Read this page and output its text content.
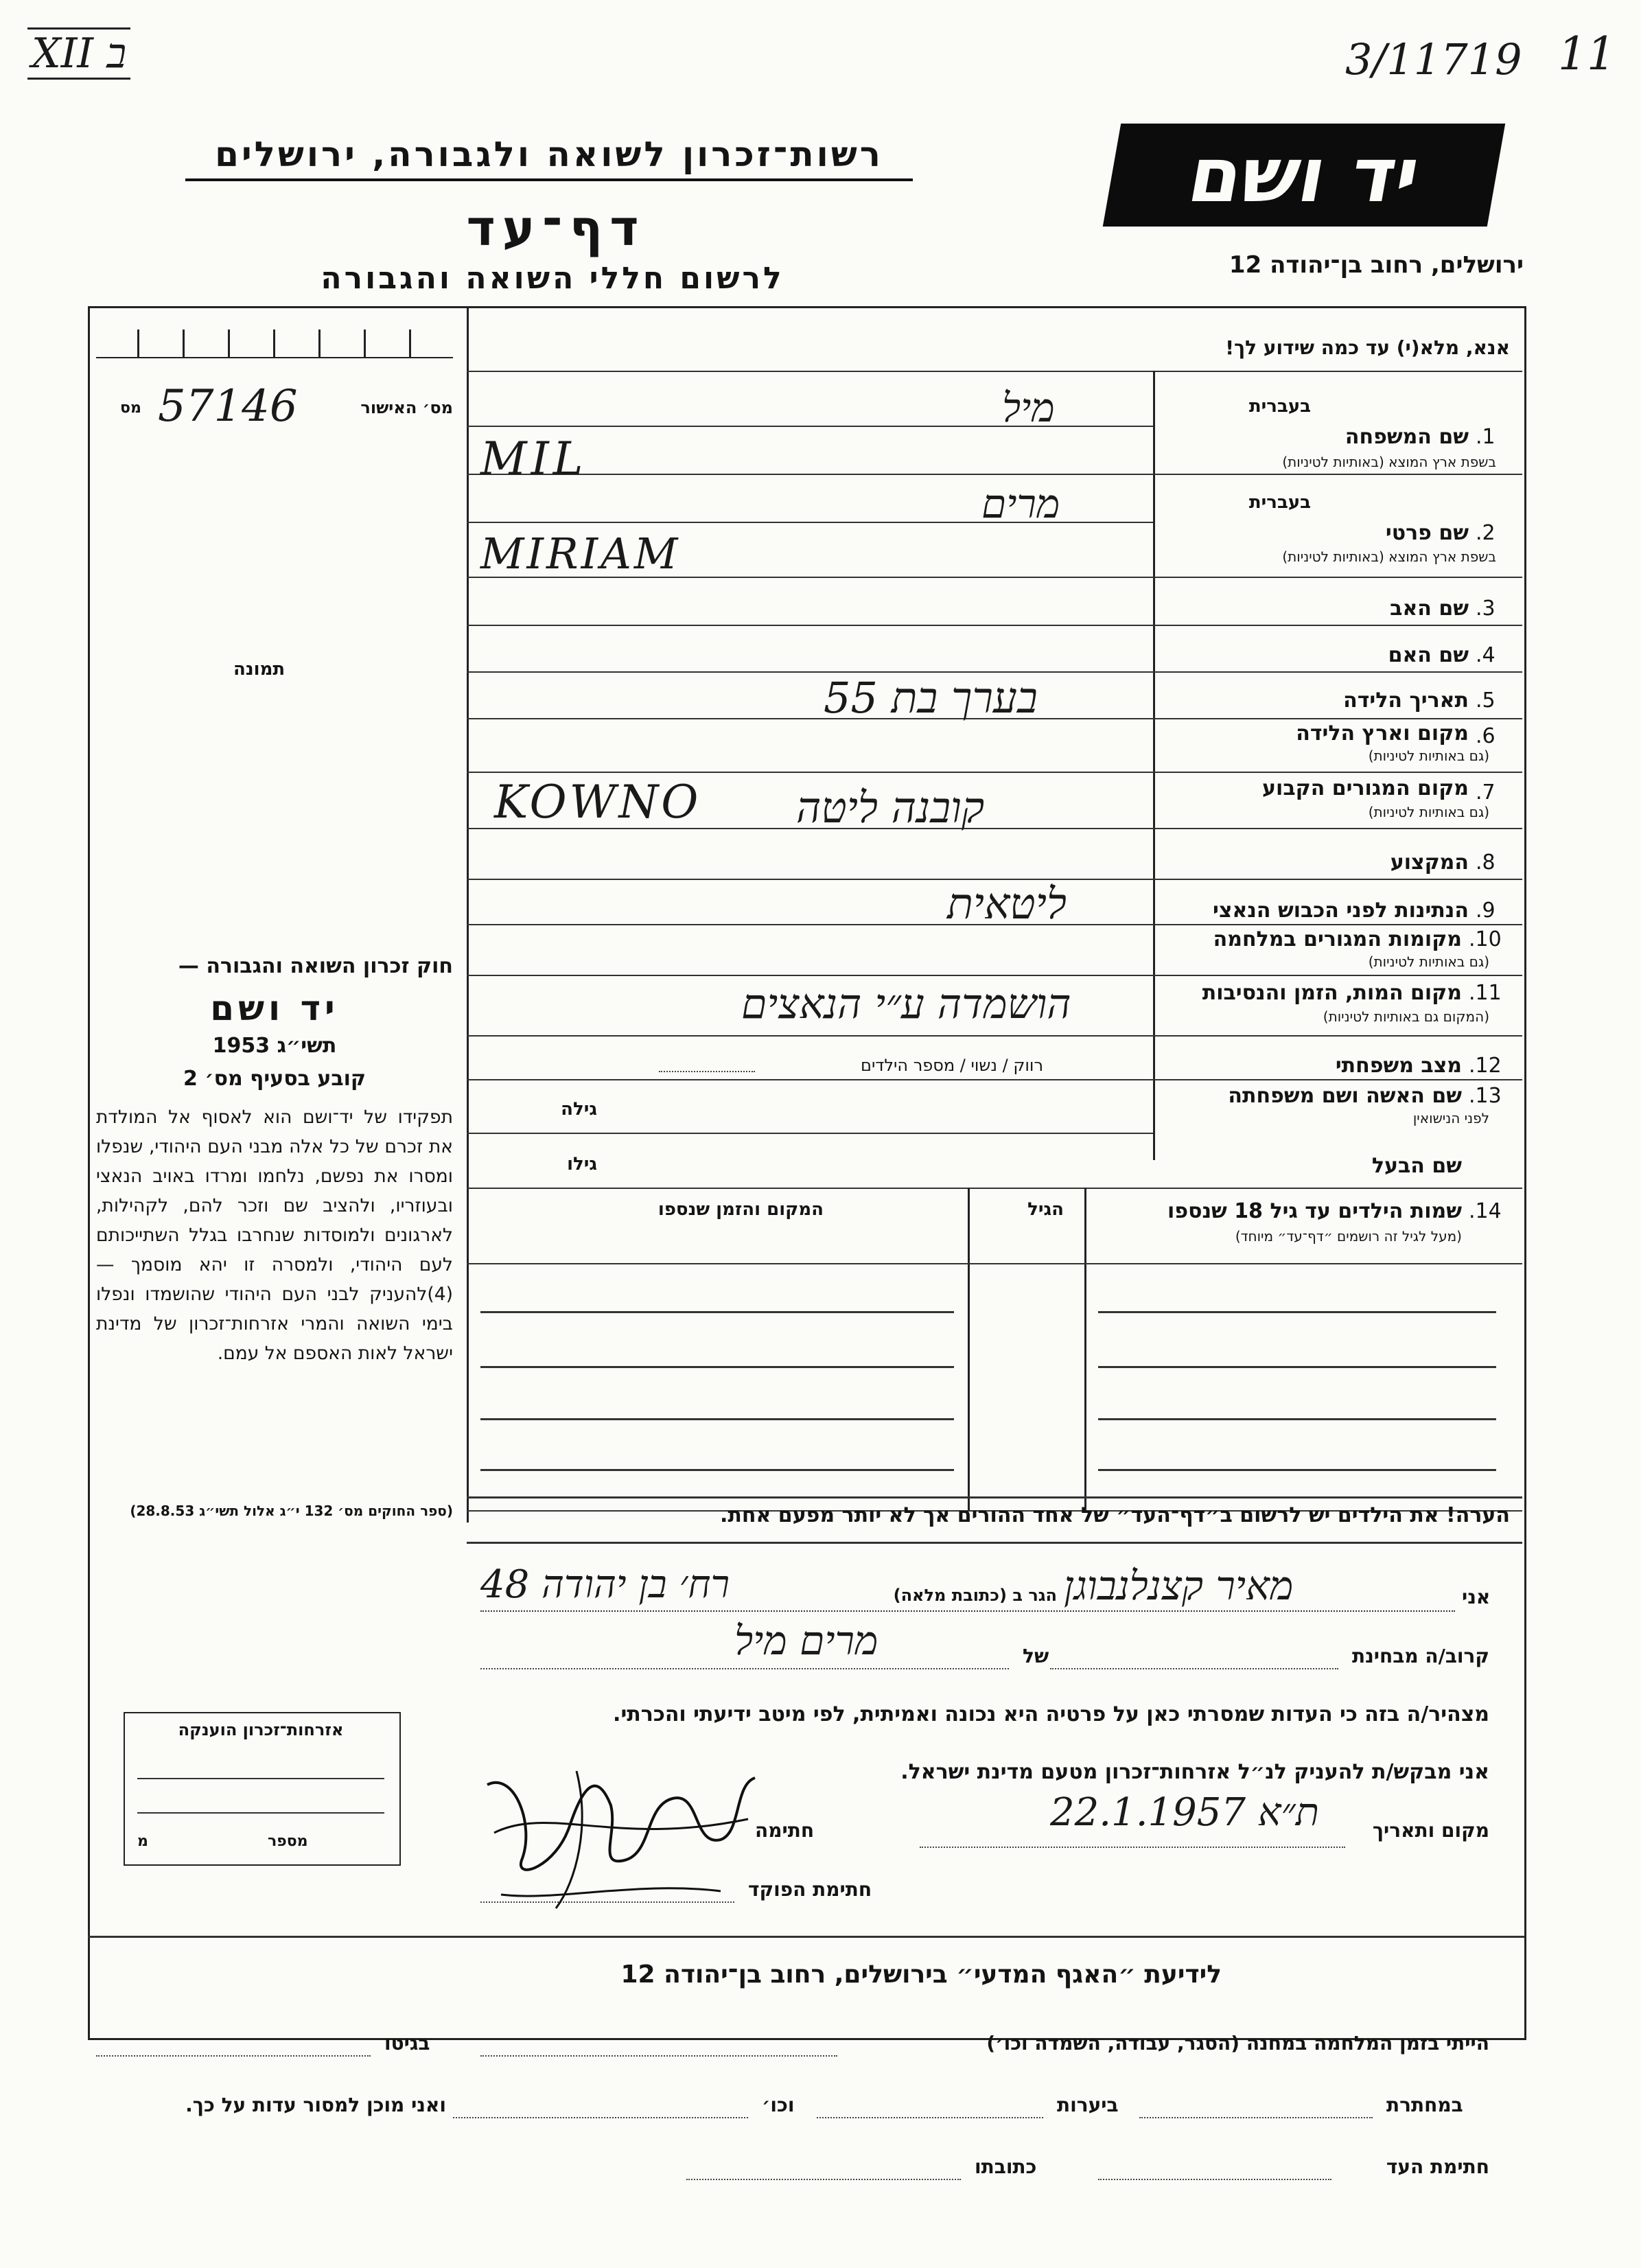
XII ב	3/11719 11
רשות־זכרון לשואה ולגבורה, ירושלים
דף־עד
לרשום חללי השואה והגבורה
יד ושם
ירושלים, רחוב בן־יהודה 12
מס׳ האישור
57146
מס
תמונה
חוק זכרון השואה והגבורה —
יד ושם
תשי״ג 1953
קובע בסעיף מס׳ 2
תפקידו של יד־ושם הוא לאסוף אל המולדת את זכרם של כל אלה מבני העם היהודי, שנפלו ומסרו את נפשם, נלחמו ומרדו באויב הנאצי ובעוזריו, ולהציב שם וזכר להם, לקהילות, לארגונים ולמוסדות שנחרבו בגלל השתייכותם לעם היהודי, ולמסרה זו יהא מוסמך — (4)להעניק לבני העם היהודי שהושמדו ונפלו בימי השואה והמרי אזרחות־זכרון של מדינת ישראל לאות האספם אל עמם.
(ספר החוקים מס׳ 132 י״ג אלול תשי״ג 28.8.53)
אנא, מלא(י) עד כמה שידוע לך!
1.
שם המשפחה
בשפת ארץ המוצא (באותיות לטיניות)
בעברית
2.
שם פרטי
בשפת ארץ המוצא (באותיות לטיניות)
בעברית
3.
שם האב
4.
שם האם
5.
תאריך הלידה
6.
מקום וארץ הלידה
(גם באותיות לטיניות)
7.
מקום המגורים הקבוע
(גם באותיות לטיניות)
8.
המקצוע
9.
הנתינות לפני הכבוש הנאצי
10.
מקומות המגורים במלחמה
(גם באותיות לטיניות)
11.
מקום המות, הזמן והנסיבות
(המקום גם באותיות לטיניות)
12.
מצב משפחתי
13.
שם האשה ושם משפחתה
לפני הנישואין
שם הבעל
מיל
MIL
מרים
MIRIAM
בערך בת 55
KOWNO קובנה ליטה
ליטאית
הושמדה ע״י הנאצים
רווק / נשוי / מספר הילדים
גילה
גילו
14.
שמות הילדים עד גיל 18 שנספו
(מעל לגיל זה רושמים ״דף־עד״ מיוחד)
הגיל
המקום והזמן שנספו
הערה! את הילדים יש לרשום ב״דף־העד״ של אחד ההורים אך לא יותר מפעם אחת.
אני
מאיר קצנלנבוגן
הגר ב (כתובת מלאה)
רח׳ בן יהודה 48
קרוב/ה מבחינת
של
מרים מיל
מצהיר/ה בזה כי העדות שמסרתי כאן על פרטיה היא נכונה ואמיתית, לפי מיטב ידיעתי והכרתי.
אני מבקש/ת להעניק לנ״ל אזרחות־זכרון מטעם מדינת ישראל.
מקום ותאריך
ת״א 22.1.1957
חתימה
חתימת הפוקד
אזרחות־זכרון הוענקה
מספר
מ
לידיעת ״האגף המדעי״ בירושלים, רחוב בן־יהודה 12
הייתי בזמן המלחמה במחנה (הסגר, עבודה, השמדה וכו׳)
בגיטו
במחתרת
ביערות
וכו׳
ואני מוכן למסור עדות על כך.
חתימת העד
כתובתו
